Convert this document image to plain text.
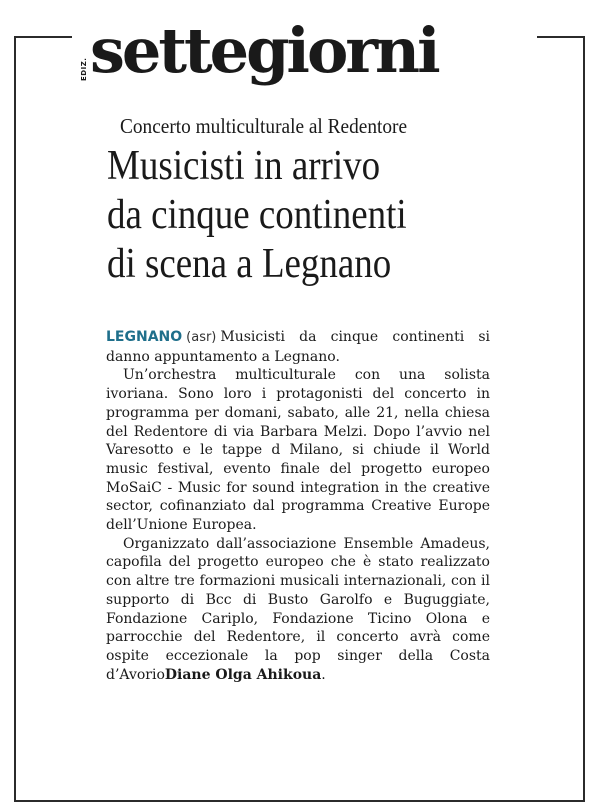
EDIZ. settegiorni
Concerto multiculturale al Redentore
Musicisti in arrivo
da cinque continenti
di scena a Legnano

LEGNANO (asr) Musicisti da cinque continenti si danno appuntamento a Legnano.

Un’orchestra multiculturale con una solista ivoriana. Sono loro i protagonisti del concerto in programma per domani, sabato, alle 21, nella chiesa del Redentore di via Barbara Melzi. Dopo l’avvio nel Varesotto e le tappe d Milano, si chiude il World music festival, evento finale del progetto europeo MoSaiC - Music for sound integration in the creative sector, cofinanziato dal programma Creative Europe dell’Unione Europea.

Organizzato dall’associazione Ensemble Amadeus, capofila del progetto europeo che è stato realizzato con altre tre formazioni musicali internazionali, con il supporto di Bcc di Busto Garolfo e Buguggiate, Fondazione Cariplo, Fondazione Ticino Olona e parrocchie del Redentore, il concerto avrà come ospite eccezionale la pop singer della Costa d’AvorioDiane Olga Ahikoua.
